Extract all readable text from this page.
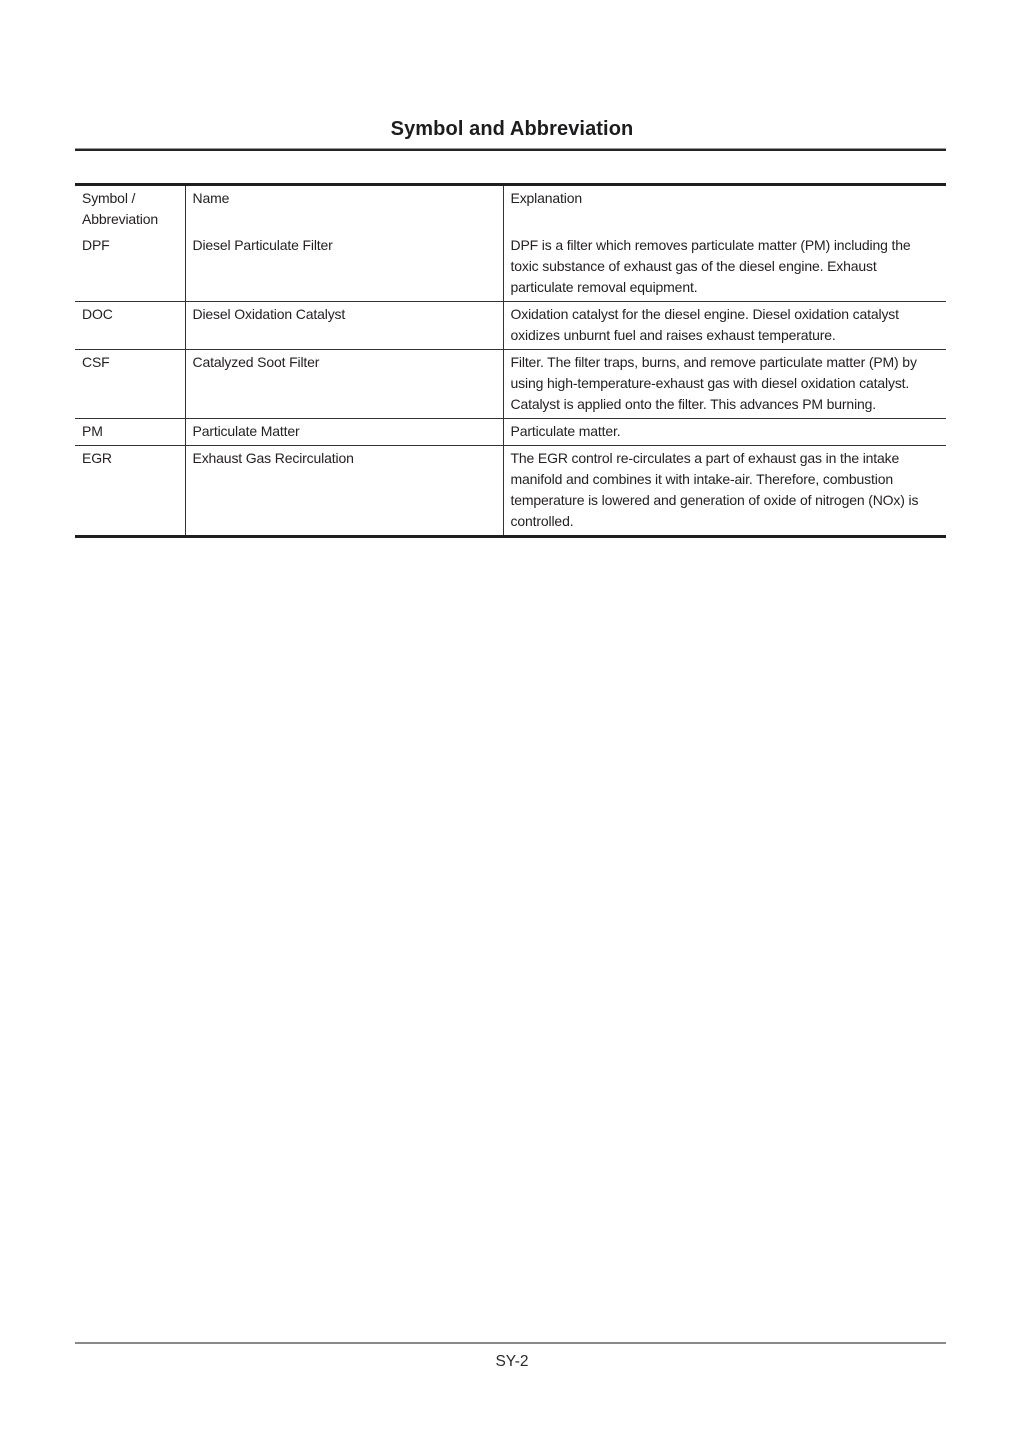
Symbol and Abbreviation
Symbol / Abbreviation	Name	Explanation
DPF	Diesel Particulate Filter	DPF is a filter which removes particulate matter (PM) including the toxic substance of exhaust gas of the diesel engine. Exhaust particulate removal equipment.
DOC	Diesel Oxidation Catalyst	Oxidation catalyst for the diesel engine. Diesel oxidation catalyst oxidizes unburnt fuel and raises exhaust temperature.
CSF	Catalyzed Soot Filter	Filter. The filter traps, burns, and remove particulate matter (PM) by using high-temperature-exhaust gas with diesel oxidation catalyst. Catalyst is applied onto the filter. This advances PM burning.
PM	Particulate Matter	Particulate matter.
EGR	Exhaust Gas Recirculation	The EGR control re-circulates a part of exhaust gas in the intake manifold and combines it with intake-air. Therefore, combustion temperature is lowered and generation of oxide of nitrogen (NOx) is controlled.
SY-2
